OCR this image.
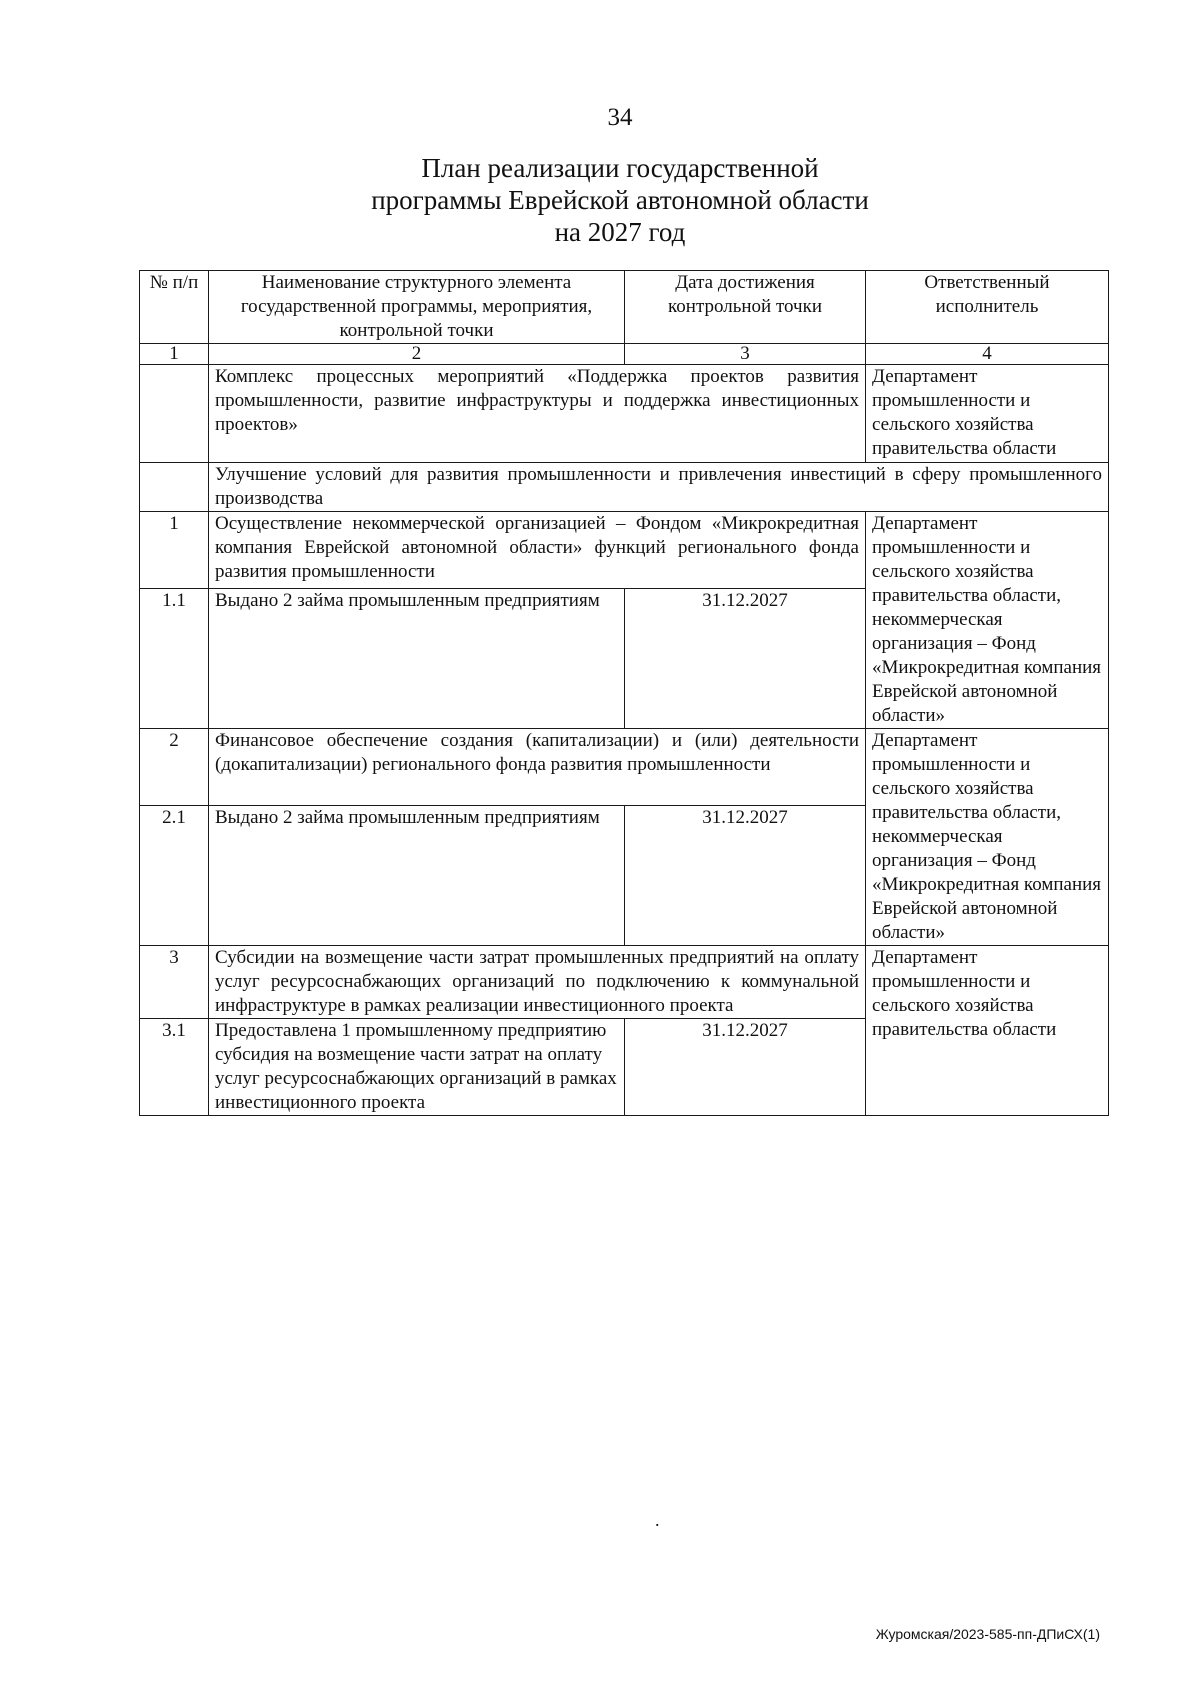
34
План реализации государственной
программы Еврейской автономной области
на 2027 год
№ п/п	Наименование структурного элемента государственной программы, мероприятия, контрольной точки	Дата достижения контрольной точки	Ответственный исполнитель
1	2	3	4
	Комплекс процессных мероприятий «Поддержка проектов развития промышленности, развитие инфраструктуры и поддержка инвестиционных проектов»		Департамент промышленности и сельского хозяйства правительства области
	Улучшение условий для развития промышленности и привлечения инвестиций в сферу промышленного производства		
1	Осуществление некоммерческой организацией – Фондом «Микрокредитная компания Еврейской автономной области» функций регионального фонда развития промышленности		Департамент промышленности и сельского хозяйства правительства области, некоммерческая организация – Фонд «Микрокредитная компания Еврейской автономной области»
1.1	Выдано 2 займа промышленным предприятиям	31.12.2027	
2	Финансовое обеспечение создания (капитализации) и (или) деятельности (докапитализации) регионального фонда развития промышленности		Департамент промышленности и сельского хозяйства правительства области, некоммерческая организация – Фонд «Микрокредитная компания Еврейской автономной области»
2.1	Выдано 2 займа промышленным предприятиям	31.12.2027	
3	Субсидии на возмещение части затрат промышленных предприятий на оплату услуг ресурсоснабжающих организаций по подключению к коммунальной инфраструктуре в рамках реализации инвестиционного проекта		Департамент промышленности и сельского хозяйства правительства области
3.1	Предоставлена 1 промышленному предприятию субсидия на возмещение части затрат на оплату услуг ресурсоснабжающих организаций в рамках инвестиционного проекта	31.12.2027	
.
Журомская/2023-585-пп-ДПиСХ(1)
